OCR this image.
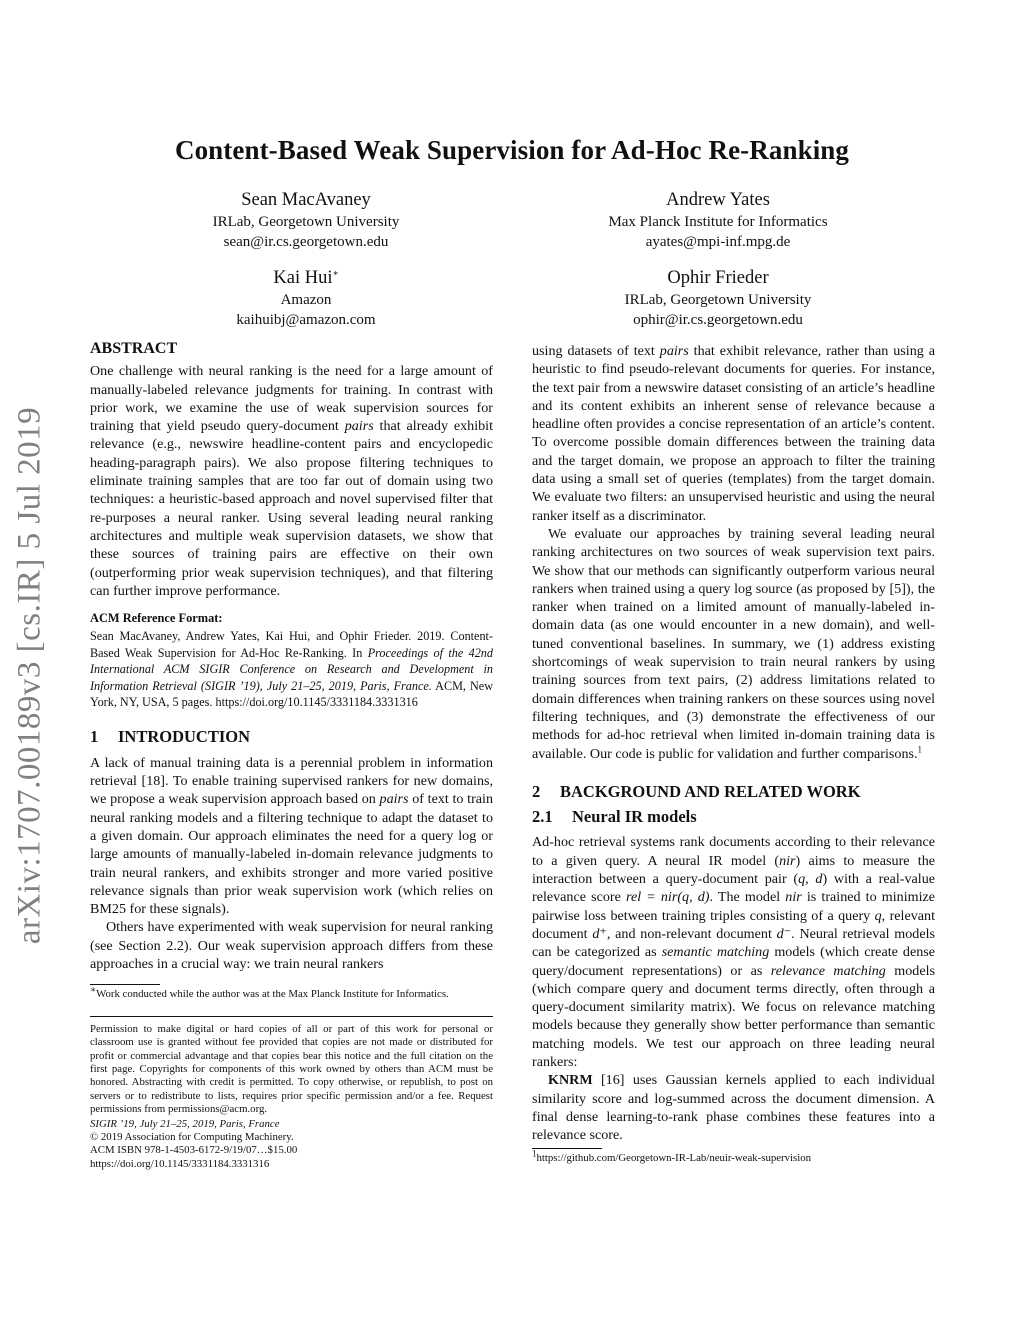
arXiv:1707.00189v3 [cs.IR] 5 Jul 2019
Content-Based Weak Supervision for Ad-Hoc Re-Ranking
Sean MacAvaney
IRLab, Georgetown University
sean@ir.cs.georgetown.edu
Andrew Yates
Max Planck Institute for Informatics
ayates@mpi-inf.mpg.de
Kai Hui∗
Amazon
kaihuibj@amazon.com
Ophir Frieder
IRLab, Georgetown University
ophir@ir.cs.georgetown.edu
ABSTRACT

One challenge with neural ranking is the need for a large amount of manually-labeled relevance judgments for training. In contrast with prior work, we examine the use of weak supervision sources for training that yield pseudo query-document pairs that already exhibit relevance (e.g., newswire headline-content pairs and encyclopedic heading-paragraph pairs). We also propose filtering techniques to eliminate training samples that are too far out of domain using two techniques: a heuristic-based approach and novel supervised filter that re-purposes a neural ranker. Using several leading neural ranking architectures and multiple weak supervision datasets, we show that these sources of training pairs are effective on their own (outperforming prior weak supervision techniques), and that filtering can further improve performance.

ACM Reference Format:

Sean MacAvaney, Andrew Yates, Kai Hui, and Ophir Frieder. 2019. Content-Based Weak Supervision for Ad-Hoc Re-Ranking. In Proceedings of the 42nd International ACM SIGIR Conference on Research and Development in Information Retrieval (SIGIR ’19), July 21–25, 2019, Paris, France. ACM, New York, NY, USA, 5 pages. https://doi.org/10.1145/3331184.3331316

1 INTRODUCTION

A lack of manual training data is a perennial problem in information retrieval [18]. To enable training supervised rankers for new domains, we propose a weak supervision approach based on pairs of text to train neural ranking models and a filtering technique to adapt the dataset to a given domain. Our approach eliminates the need for a query log or large amounts of manually-labeled in-domain relevance judgments to train neural rankers, and exhibits stronger and more varied positive relevance signals than prior weak supervision work (which relies on BM25 for these signals).

Others have experimented with weak supervision for neural ranking (see Section 2.2). Our weak supervision approach differs from these approaches in a crucial way: we train neural rankers

∗Work conducted while the author was at the Max Planck Institute for Informatics.

Permission to make digital or hard copies of all or part of this work for personal or classroom use is granted without fee provided that copies are not made or distributed for profit or commercial advantage and that copies bear this notice and the full citation on the first page. Copyrights for components of this work owned by others than ACM must be honored. Abstracting with credit is permitted. To copy otherwise, or republish, to post on servers or to redistribute to lists, requires prior specific permission and/or a fee. Request permissions from permissions@acm.org.

SIGIR ’19, July 21–25, 2019, Paris, France

© 2019 Association for Computing Machinery.

ACM ISBN 978-1-4503-6172-9/19/07…$15.00

https://doi.org/10.1145/3331184.3331316

using datasets of text pairs that exhibit relevance, rather than using a heuristic to find pseudo-relevant documents for queries. For instance, the text pair from a newswire dataset consisting of an article’s headline and its content exhibits an inherent sense of relevance because a headline often provides a concise representation of an article’s content. To overcome possible domain differences between the training data and the target domain, we propose an approach to filter the training data using a small set of queries (templates) from the target domain. We evaluate two filters: an unsupervised heuristic and using the neural ranker itself as a discriminator.

We evaluate our approaches by training several leading neural ranking architectures on two sources of weak supervision text pairs. We show that our methods can significantly outperform various neural rankers when trained using a query log source (as proposed by [5]), the ranker when trained on a limited amount of manually-labeled in-domain data (as one would encounter in a new domain), and well-tuned conventional baselines. In summary, we (1) address existing shortcomings of weak supervision to train neural rankers by using training sources from text pairs, (2) address limitations related to domain differences when training rankers on these sources using novel filtering techniques, and (3) demonstrate the effectiveness of our methods for ad-hoc retrieval when limited in-domain training data is available. Our code is public for validation and further comparisons.$^1$

2 BACKGROUND AND RELATED WORK
2.1 Neural IR models

Ad-hoc retrieval systems rank documents according to their relevance to a given query. A neural IR model (nir) aims to measure the interaction between a query-document pair (q, d) with a real-value relevance score rel = nir(q, d). The model nir is trained to minimize pairwise loss between training triples consisting of a query q, relevant document d⁺, and non-relevant document d⁻. Neural retrieval models can be categorized as semantic matching models (which create dense query/document representations) or as relevance matching models (which compare query and document terms directly, often through a query-document similarity matrix). We focus on relevance matching models because they generally show better performance than semantic matching models. We test our approach on three leading neural rankers:

KNRM [16] uses Gaussian kernels applied to each individual similarity score and log-summed across the document dimension. A final dense learning-to-rank phase combines these features into a relevance score.

$^1$https://github.com/Georgetown-IR-Lab/neuir-weak-supervision
